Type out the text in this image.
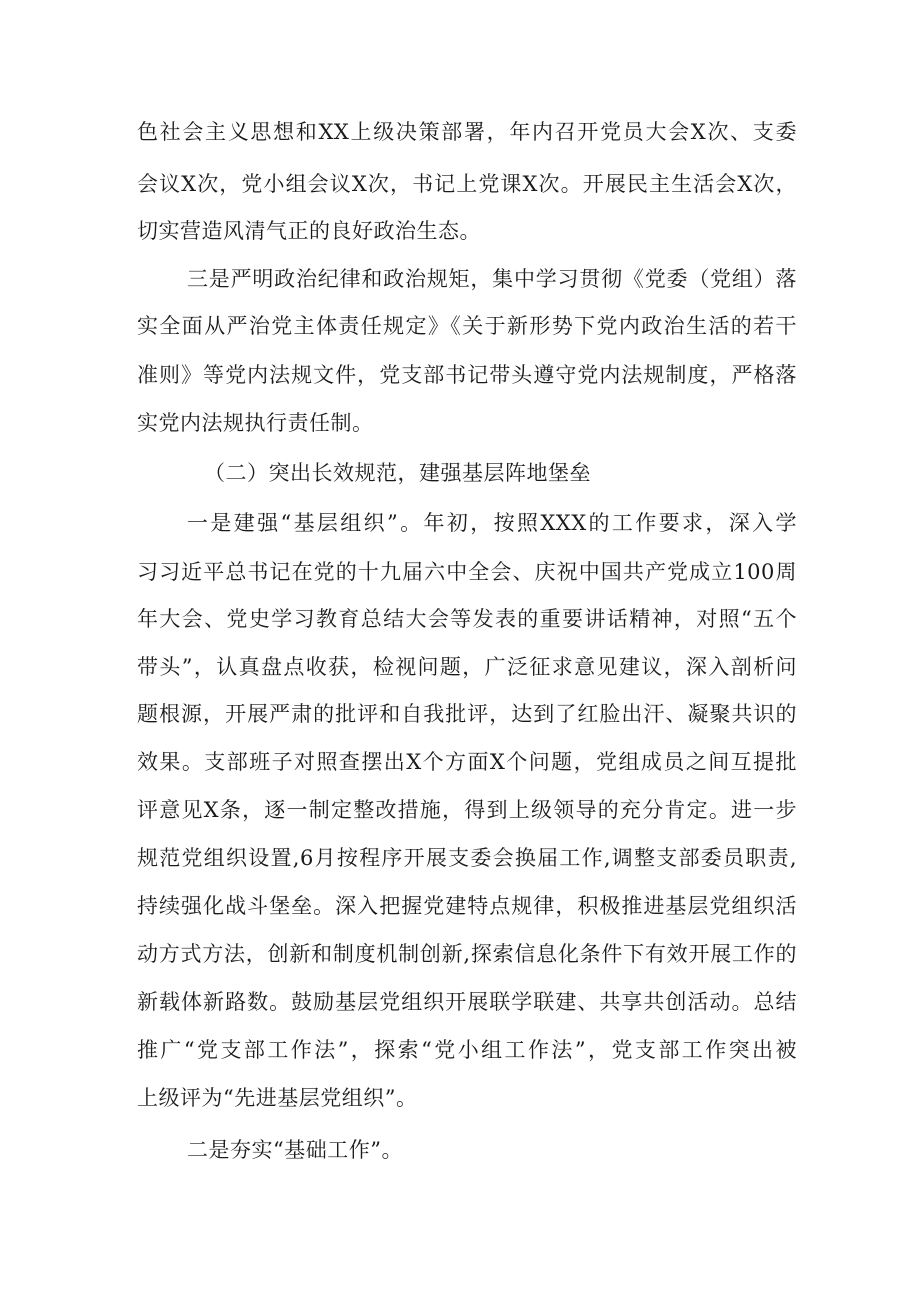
色社会主义思想和XX上级决策部署，年内召开党员大会X次、支委
会议X次，党小组会议X次，书记上党课X次。开展民主生活会X次，
切实营造风清气正的良好政治生态。
三是严明政治纪律和政治规矩，集中学习贯彻《党委（党组）落
实全面从严治党主体责任规定》《关于新形势下党内政治生活的若干
准则》等党内法规文件，党支部书记带头遵守党内法规制度，严格落
实党内法规执行责任制。
（二）突出长效规范，建强基层阵地堡垒
一是建强“基层组织”。年初，按照XXX的工作要求，深入学
习习近平总书记在党的十九届六中全会、庆祝中国共产党成立100周
年大会、党史学习教育总结大会等发表的重要讲话精神，对照“五个
带头”，认真盘点收获，检视问题，广泛征求意见建议，深入剖析问
题根源，开展严肃的批评和自我批评，达到了红脸出汗、凝聚共识的
效果。支部班子对照查摆出X个方面X个问题，党组成员之间互提批
评意见X条，逐一制定整改措施，得到上级领导的充分肯定。进一步
规范党组织设置,6月按程序开展支委会换届工作,调整支部委员职责,
持续强化战斗堡垒。深入把握党建特点规律，积极推进基层党组织活
动方式方法，创新和制度机制创新,探索信息化条件下有效开展工作的
新载体新路数。鼓励基层党组织开展联学联建、共享共创活动。总结
推广“党支部工作法”，探索“党小组工作法”，党支部工作突出被
上级评为“先进基层党组织”。
二是夯实“基础工作”。
